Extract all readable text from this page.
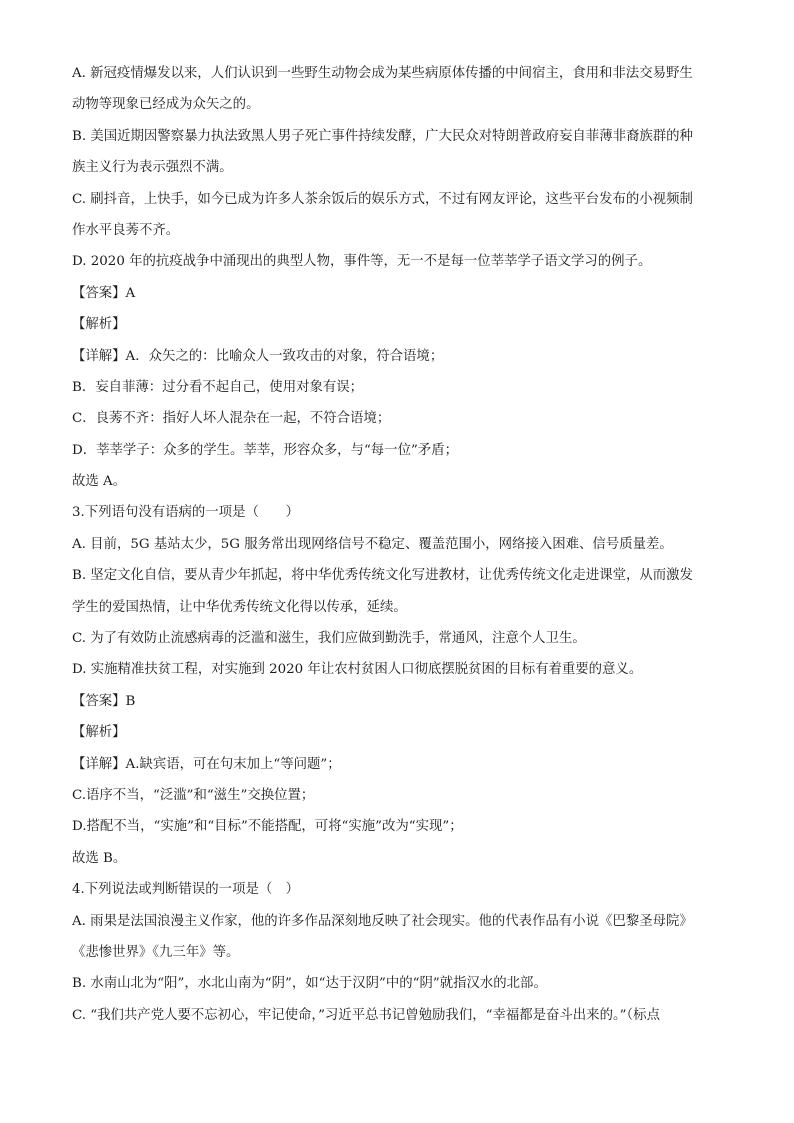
A. 新冠疫情爆发以来，人们认识到一些野生动物会成为某些病原体传播的中间宿主，食用和非法交易野生
动物等现象已经成为众矢之的。
B. 美国近期因警察暴力执法致黑人男子死亡事件持续发酵，广大民众对特朗普政府妄自菲薄非裔族群的种
族主义行为表示强烈不满。
C. 刷抖音，上快手，如今已成为许多人茶余饭后的娱乐方式，不过有网友评论，这些平台发布的小视频制
作水平良莠不齐。
D. 2020 年的抗疫战争中涌现出的典型人物，事件等，无一不是每一位莘莘学子语文学习的例子。
【答案】A
【解析】
【详解】A．众矢之的：比喻众人一致攻击的对象，符合语境；
B．妄自菲薄：过分看不起自己，使用对象有误；
C．良莠不齐：指好人坏人混杂在一起，不符合语境；
D．莘莘学子：众多的学生。莘莘，形容众多，与“每一位”矛盾；
故选 A。
3.下列语句没有语病的一项是（　　）
A. 目前，5G 基站太少，5G 服务常出现网络信号不稳定、覆盖范围小，网络接入困难、信号质量差。
B. 坚定文化自信，要从青少年抓起，将中华优秀传统文化写进教材，让优秀传统文化走进课堂，从而激发
学生的爱国热情，让中华优秀传统文化得以传承，延续。
C. 为了有效防止流感病毒的泛滥和滋生，我们应做到勤洗手，常通风，注意个人卫生。
D. 实施精准扶贫工程，对实施到 2020 年让农村贫困人口彻底摆脱贫困的目标有着重要的意义。
【答案】B
【解析】
【详解】A.缺宾语，可在句末加上“等问题”；
C.语序不当，“泛滥”和“滋生”交换位置；
D.搭配不当，“实施”和“目标”不能搭配，可将“实施”改为“实现”；
故选 B。
4.下列说法或判断错误的一项是（　）
A. 雨果是法国浪漫主义作家，他的许多作品深刻地反映了社会现实。他的代表作品有小说《巴黎圣母院》
《悲惨世界》《九三年》等。
B. 水南山北为“阳”，水北山南为“阴”，如“达于汉阴”中的“阴”就指汉水的北部。
C. “我们共产党人要不忘初心，牢记使命，”习近平总书记曾勉励我们，“幸福都是奋斗出来的。”（标点
